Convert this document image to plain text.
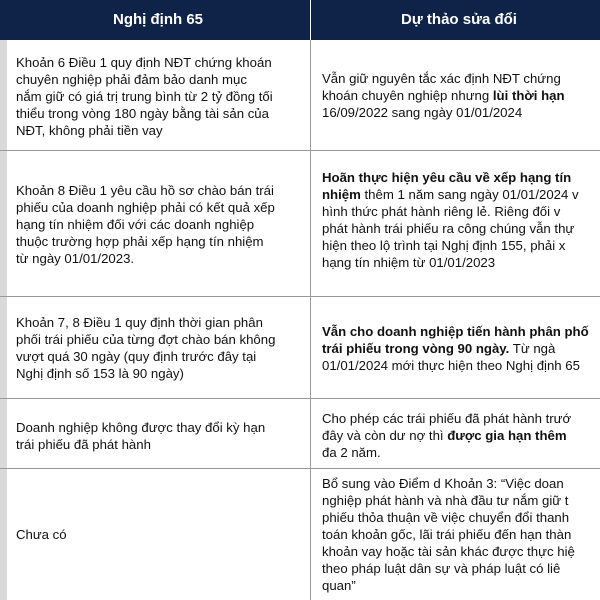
Nghị định 65	Dự thảo sửa đổi
Khoản 6 Điều 1 quy định NĐT chứng khoán
chuyên nghiệp phải đảm bảo danh mục
nắm giữ có giá trị trung bình từ 2 tỷ đồng tối
thiểu trong vòng 180 ngày bằng tài sản của
NĐT, không phải tiền vay
Vẫn giữ nguyên tắc xác định NĐT chứng
khoán chuyên nghiệp nhưng lùi thời hạn
16/09/2022 sang ngày 01/01/2024
Khoản 8 Điều 1 yêu cầu hồ sơ chào bán trái
phiếu của doanh nghiệp phải có kết quả xếp
hạng tín nhiệm đối với các doanh nghiệp
thuộc trường hợp phải xếp hạng tín nhiệm
từ ngày 01/01/2023.
Hoãn thực hiện yêu cầu về xếp hạng tín
nhiệm thêm 1 năm sang ngày 01/01/2024 v
hình thức phát hành riêng lẻ. Riêng đối v
phát hành trái phiếu ra công chúng vẫn thự
hiện theo lộ trình tại Nghị định 155, phải x
hạng tín nhiệm từ 01/01/2023
Khoản 7, 8 Điều 1 quy định thời gian phân
phối trái phiếu của từng đợt chào bán không
vượt quá 30 ngày (quy định trước đây tại
Nghị định số 153 là 90 ngày)
Vẫn cho doanh nghiệp tiến hành phân phố
trái phiếu trong vòng 90 ngày. Từ ngà
01/01/2024 mới thực hiện theo Nghị định 65
Doanh nghiệp không được thay đổi kỳ hạn
trái phiếu đã phát hành
Cho phép các trái phiếu đã phát hành trướ
đây và còn dư nợ thì được gia hạn thêm
đa 2 năm.
Chưa có
Bổ sung vào Điểm d Khoản 3: “Việc doan
nghiệp phát hành và nhà đầu tư nắm giữ t
phiếu thỏa thuận về việc chuyển đổi thanh
toán khoản gốc, lãi trái phiếu đến hạn thàn
khoản vay hoặc tài sản khác được thực hiệ
theo pháp luật dân sự và pháp luật có liê
quan”
